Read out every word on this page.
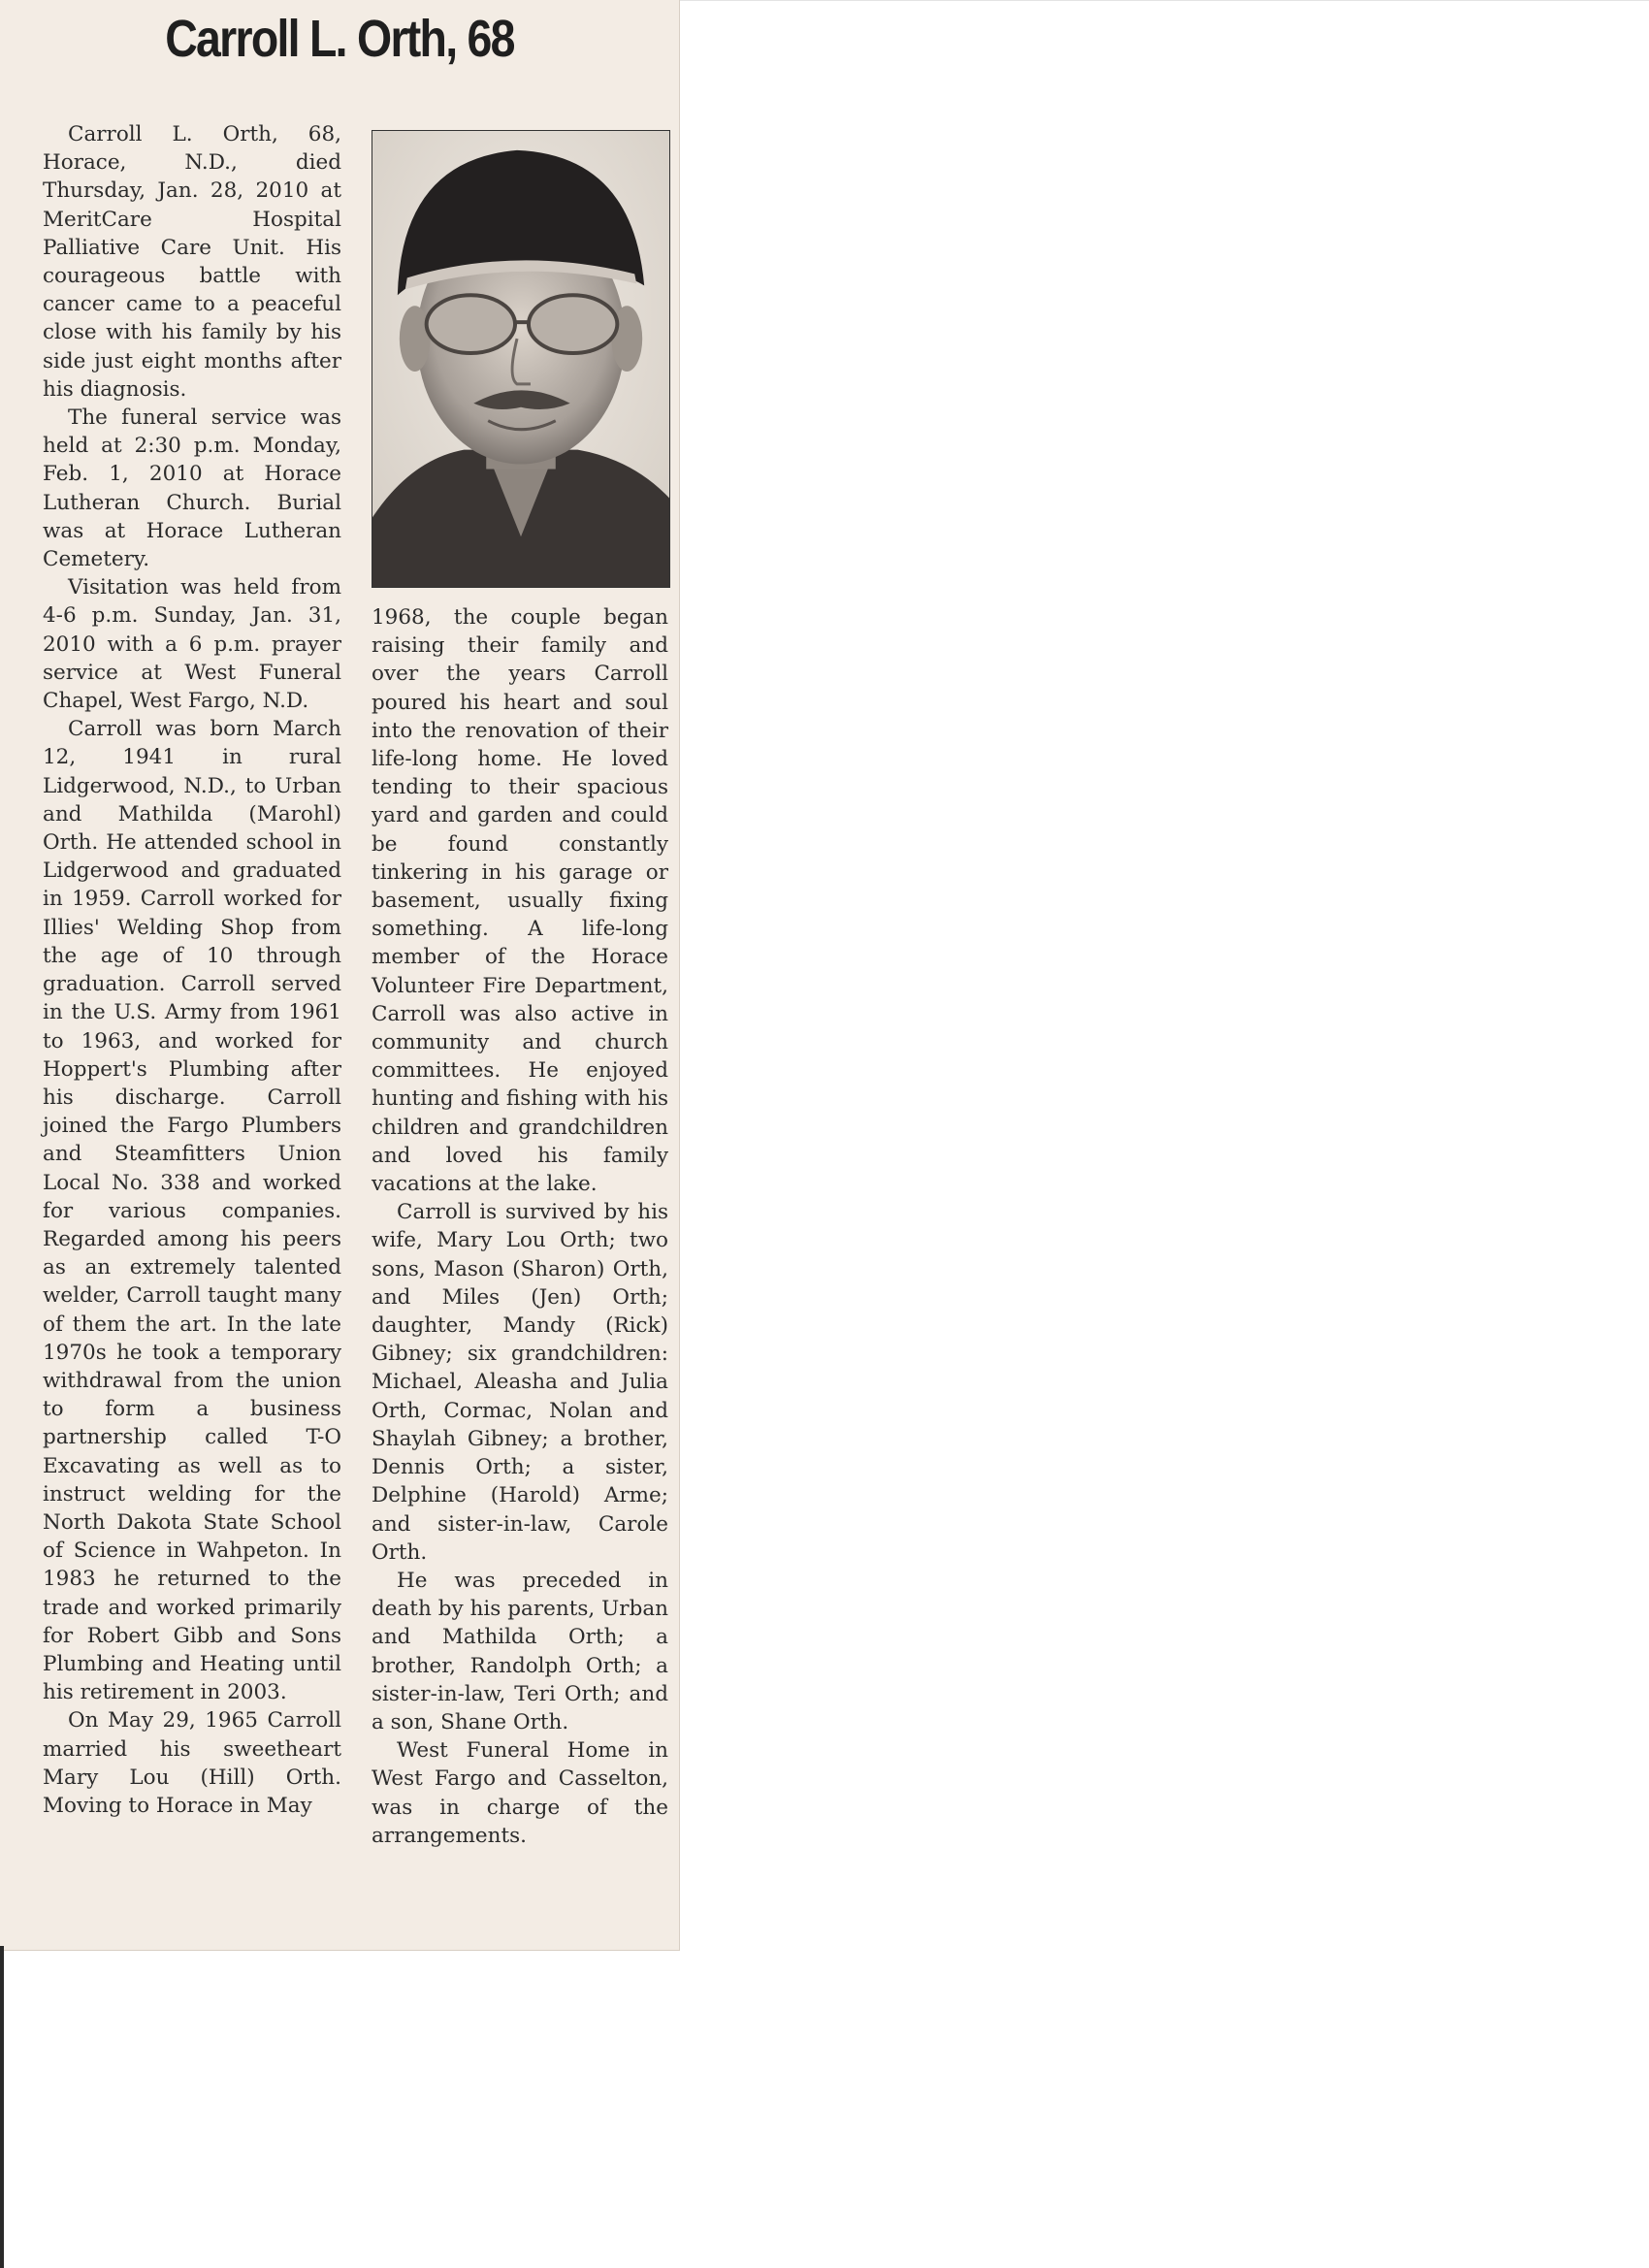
Carroll L. Orth, 68

Carroll L. Orth, 68, Horace, N.D., died Thursday, Jan. 28, 2010 at MeritCare Hospital Palliative Care Unit. His courageous battle with cancer came to a peaceful close with his family by his side just eight months after his diagnosis.

The funeral service was held at 2:30 p.m. Monday, Feb. 1, 2010 at Horace Lutheran Church. Burial was at Horace Lutheran Cemetery.

Visitation was held from 4-6 p.m. Sunday, Jan. 31, 2010 with a 6 p.m. prayer service at West Funeral Chapel, West Fargo, N.D.

Carroll was born March 12, 1941 in rural Lidgerwood, N.D., to Urban and Mathilda (Marohl) Orth. He attended school in Lidgerwood and graduated in 1959. Carroll worked for Illies' Welding Shop from the age of 10 through graduation. Carroll served in the U.S. Army from 1961 to 1963, and worked for Hoppert's Plumbing after his discharge. Carroll joined the Fargo Plumbers and Steamfitters Union Local No. 338 and worked for various companies. Regarded among his peers as an extremely talented welder, Carroll taught many of them the art. In the late 1970s he took a temporary withdrawal from the union to form a business partnership called T-O Excavating as well as to instruct welding for the North Dakota State School of Science in Wahpeton. In 1983 he returned to the trade and worked primarily for Robert Gibb and Sons Plumbing and Heating until his retirement in 2003.

On May 29, 1965 Carroll married his sweetheart Mary Lou (Hill) Orth. Moving to Horace in May

1968, the couple began raising their family and over the years Carroll poured his heart and soul into the renovation of their life-long home. He loved tending to their spacious yard and garden and could be found constantly tinkering in his garage or basement, usually fixing something. A life-long member of the Horace Volunteer Fire Department, Carroll was also active in community and church committees. He enjoyed hunting and fishing with his children and grandchildren and loved his family vacations at the lake.

Carroll is survived by his wife, Mary Lou Orth; two sons, Mason (Sharon) Orth, and Miles (Jen) Orth; daughter, Mandy (Rick) Gibney; six grandchildren: Michael, Aleasha and Julia Orth, Cormac, Nolan and Shaylah Gibney; a brother, Dennis Orth; a sister, Delphine (Harold) Arme; and sister-in-law, Carole Orth.

He was preceded in death by his parents, Urban and Mathilda Orth; a brother, Randolph Orth; a sister-in-law, Teri Orth; and a son, Shane Orth.

West Funeral Home in West Fargo and Casselton, was in charge of the arrangements.
